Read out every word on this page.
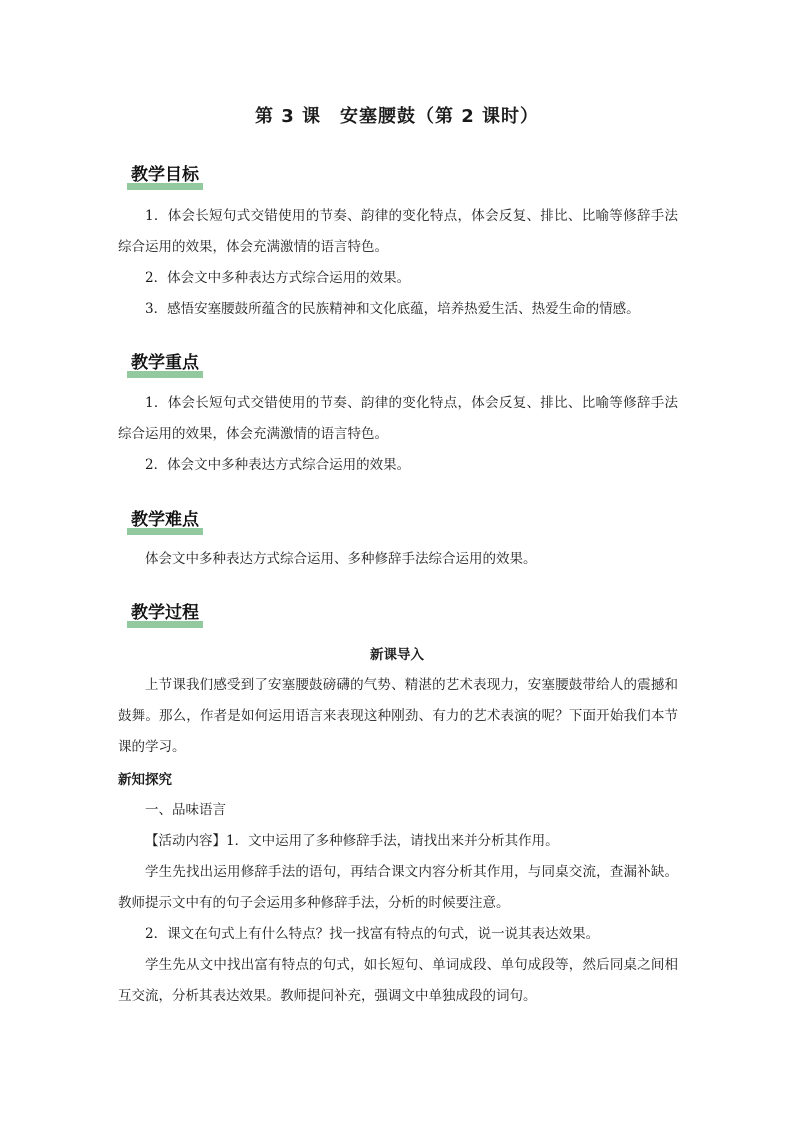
第 3 课　安塞腰鼓（第 2 课时）
教学目标

1．体会长短句式交错使用的节奏、韵律的变化特点，体会反复、排比、比喻等修辞手法综合运用的效果，体会充满激情的语言特色。

2．体会文中多种表达方式综合运用的效果。

3．感悟安塞腰鼓所蕴含的民族精神和文化底蕴，培养热爱生活、热爱生命的情感。

教学重点

1．体会长短句式交错使用的节奏、韵律的变化特点，体会反复、排比、比喻等修辞手法综合运用的效果，体会充满激情的语言特色。

2．体会文中多种表达方式综合运用的效果。

教学难点

体会文中多种表达方式综合运用、多种修辞手法综合运用的效果。

教学过程
新课导入

上节课我们感受到了安塞腰鼓磅礴的气势、精湛的艺术表现力，安塞腰鼓带给人的震撼和鼓舞。那么，作者是如何运用语言来表现这种刚劲、有力的艺术表演的呢？下面开始我们本节课的学习。

新知探究

一、品味语言

【活动内容】1．文中运用了多种修辞手法，请找出来并分析其作用。

学生先找出运用修辞手法的语句，再结合课文内容分析其作用，与同桌交流，查漏补缺。教师提示文中有的句子会运用多种修辞手法，分析的时候要注意。

2．课文在句式上有什么特点？找一找富有特点的句式，说一说其表达效果。

学生先从文中找出富有特点的句式，如长短句、单词成段、单句成段等，然后同桌之间相互交流，分析其表达效果。教师提问补充，强调文中单独成段的词句。
